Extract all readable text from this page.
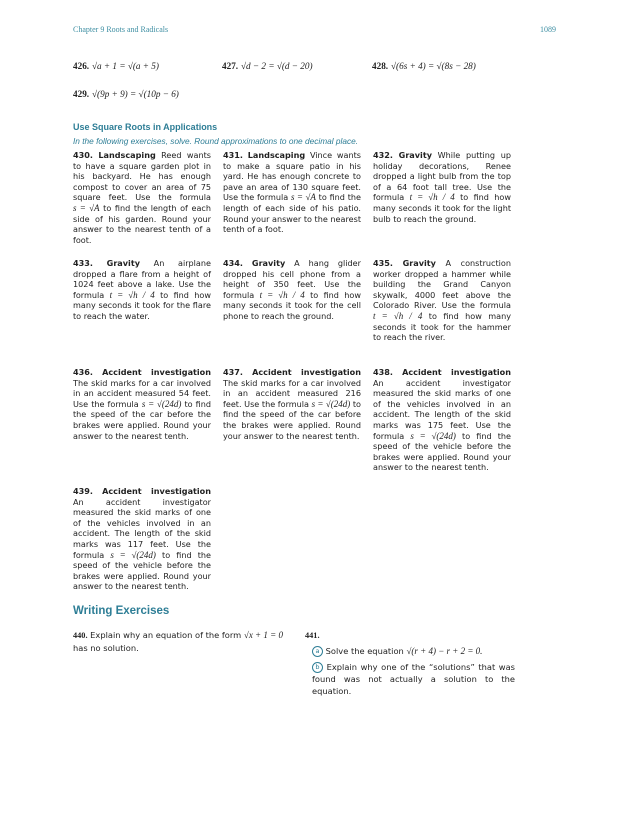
Chapter 9 Roots and Radicals	1089
426. √a + 1 = √(a + 5)	427. √d − 2 = √(d − 20)	428. √(6s + 4) = √(8s − 28)
429. √(9p + 9) = √(10p − 6)
Use Square Roots in Applications
In the following exercises, solve. Round approximations to one decimal place.
430. Landscaping Reed wants to have a square garden plot in his backyard. He has enough compost to cover an area of 75 square feet. Use the formula s = √A to find the length of each side of his garden. Round your answer to the nearest tenth of a foot.
431. Landscaping Vince wants to make a square patio in his yard. He has enough concrete to pave an area of 130 square feet. Use the formula s = √A to find the length of each side of his patio. Round your answer to the nearest tenth of a foot.
432. Gravity While putting up holiday decorations, Renee dropped a light bulb from the top of a 64 foot tall tree. Use the formula t = √h / 4 to find how many seconds it took for the light bulb to reach the ground.
433. Gravity An airplane dropped a flare from a height of 1024 feet above a lake. Use the formula t = √h / 4 to find how many seconds it took for the flare to reach the water.
434. Gravity A hang glider dropped his cell phone from a height of 350 feet. Use the formula t = √h / 4 to find how many seconds it took for the cell phone to reach the ground.
435. Gravity A construction worker dropped a hammer while building the Grand Canyon skywalk, 4000 feet above the Colorado River. Use the formula t = √h / 4 to find how many seconds it took for the hammer to reach the river.
436. Accident investigation The skid marks for a car involved in an accident measured 54 feet. Use the formula s = √(24d) to find the speed of the car before the brakes were applied. Round your answer to the nearest tenth.
437. Accident investigation The skid marks for a car involved in an accident measured 216 feet. Use the formula s = √(24d) to find the speed of the car before the brakes were applied. Round your answer to the nearest tenth.
438. Accident investigation An accident investigator measured the skid marks of one of the vehicles involved in an accident. The length of the skid marks was 175 feet. Use the formula s = √(24d) to find the speed of the vehicle before the brakes were applied. Round your answer to the nearest tenth.
439. Accident investigation An accident investigator measured the skid marks of one of the vehicles involved in an accident. The length of the skid marks was 117 feet. Use the formula s = √(24d) to find the speed of the vehicle before the brakes were applied. Round your answer to the nearest tenth.
Writing Exercises
440. Explain why an equation of the form √x + 1 = 0 has no solution.
441.
a Solve the equation √(r + 4) − r + 2 = 0.
b Explain why one of the “solutions” that was found was not actually a solution to the equation.
